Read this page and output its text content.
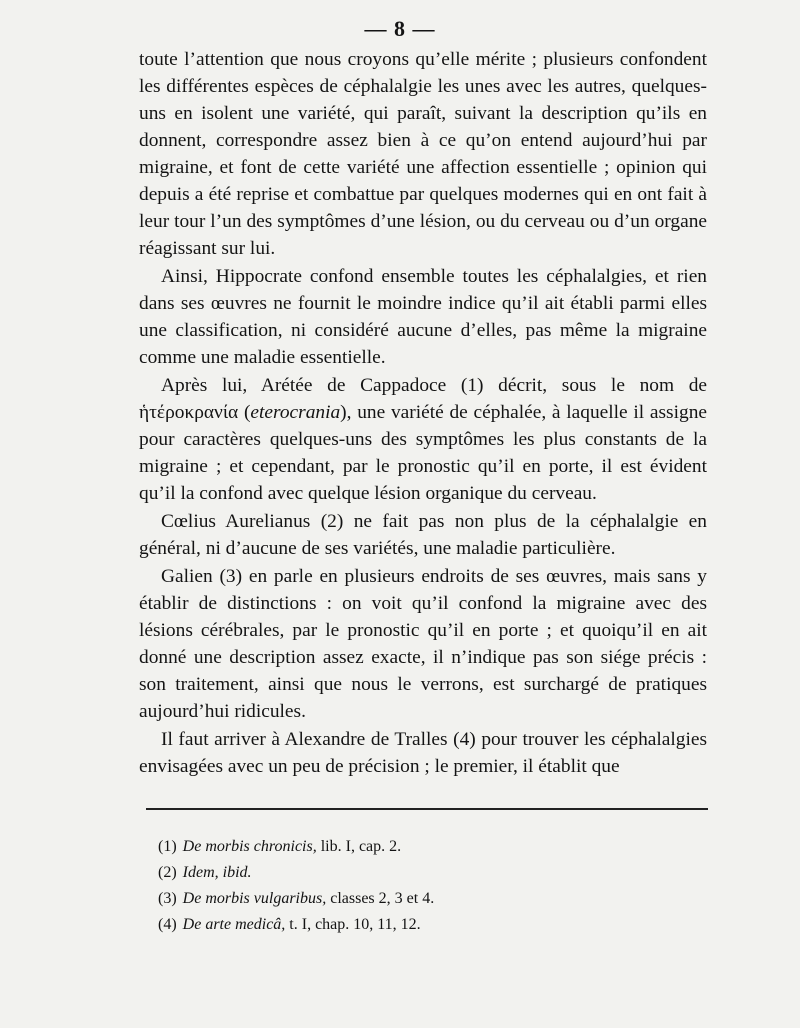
— 8 —

toute l’attention que nous croyons qu’elle mérite ; plusieurs confondent les différentes espèces de céphalalgie les unes avec les autres, quelques-uns en isolent une variété, qui paraît, suivant la description qu’ils en donnent, correspondre assez bien à ce qu’on entend aujourd’hui par migraine, et font de cette variété une affection essentielle ; opinion qui depuis a été reprise et combattue par quelques modernes qui en ont fait à leur tour l’un des symptômes d’une lésion, ou du cerveau ou d’un organe réagissant sur lui.

Ainsi, Hippocrate confond ensemble toutes les céphalalgies, et rien dans ses œuvres ne fournit le moindre indice qu’il ait établi parmi elles une classification, ni considéré aucune d’elles, pas même la migraine comme une maladie essentielle.

Après lui, Arétée de Cappadoce (1) décrit, sous le nom de ἡτέροκρανία (eterocrania), une variété de céphalée, à laquelle il assigne pour caractères quelques-uns des symptômes les plus constants de la migraine ; et cependant, par le pronostic qu’il en porte, il est évident qu’il la confond avec quelque lésion organique du cerveau.

Cœlius Aurelianus (2) ne fait pas non plus de la céphalalgie en général, ni d’aucune de ses variétés, une maladie particulière.

Galien (3) en parle en plusieurs endroits de ses œuvres, mais sans y établir de distinctions : on voit qu’il confond la migraine avec des lésions cérébrales, par le pronostic qu’il en porte ; et quoiqu’il en ait donné une description assez exacte, il n’indique pas son siége précis : son traitement, ainsi que nous le verrons, est surchargé de pratiques aujourd’hui ridicules.

Il faut arriver à Alexandre de Tralles (4) pour trouver les céphalalgies envisagées avec un peu de précision ; le premier, il établit que

(1) De morbis chronicis, lib. I, cap. 2.
(2) Idem, ibid.
(3) De morbis vulgaribus, classes 2, 3 et 4.
(4) De arte medicâ, t. I, chap. 10, 11, 12.
